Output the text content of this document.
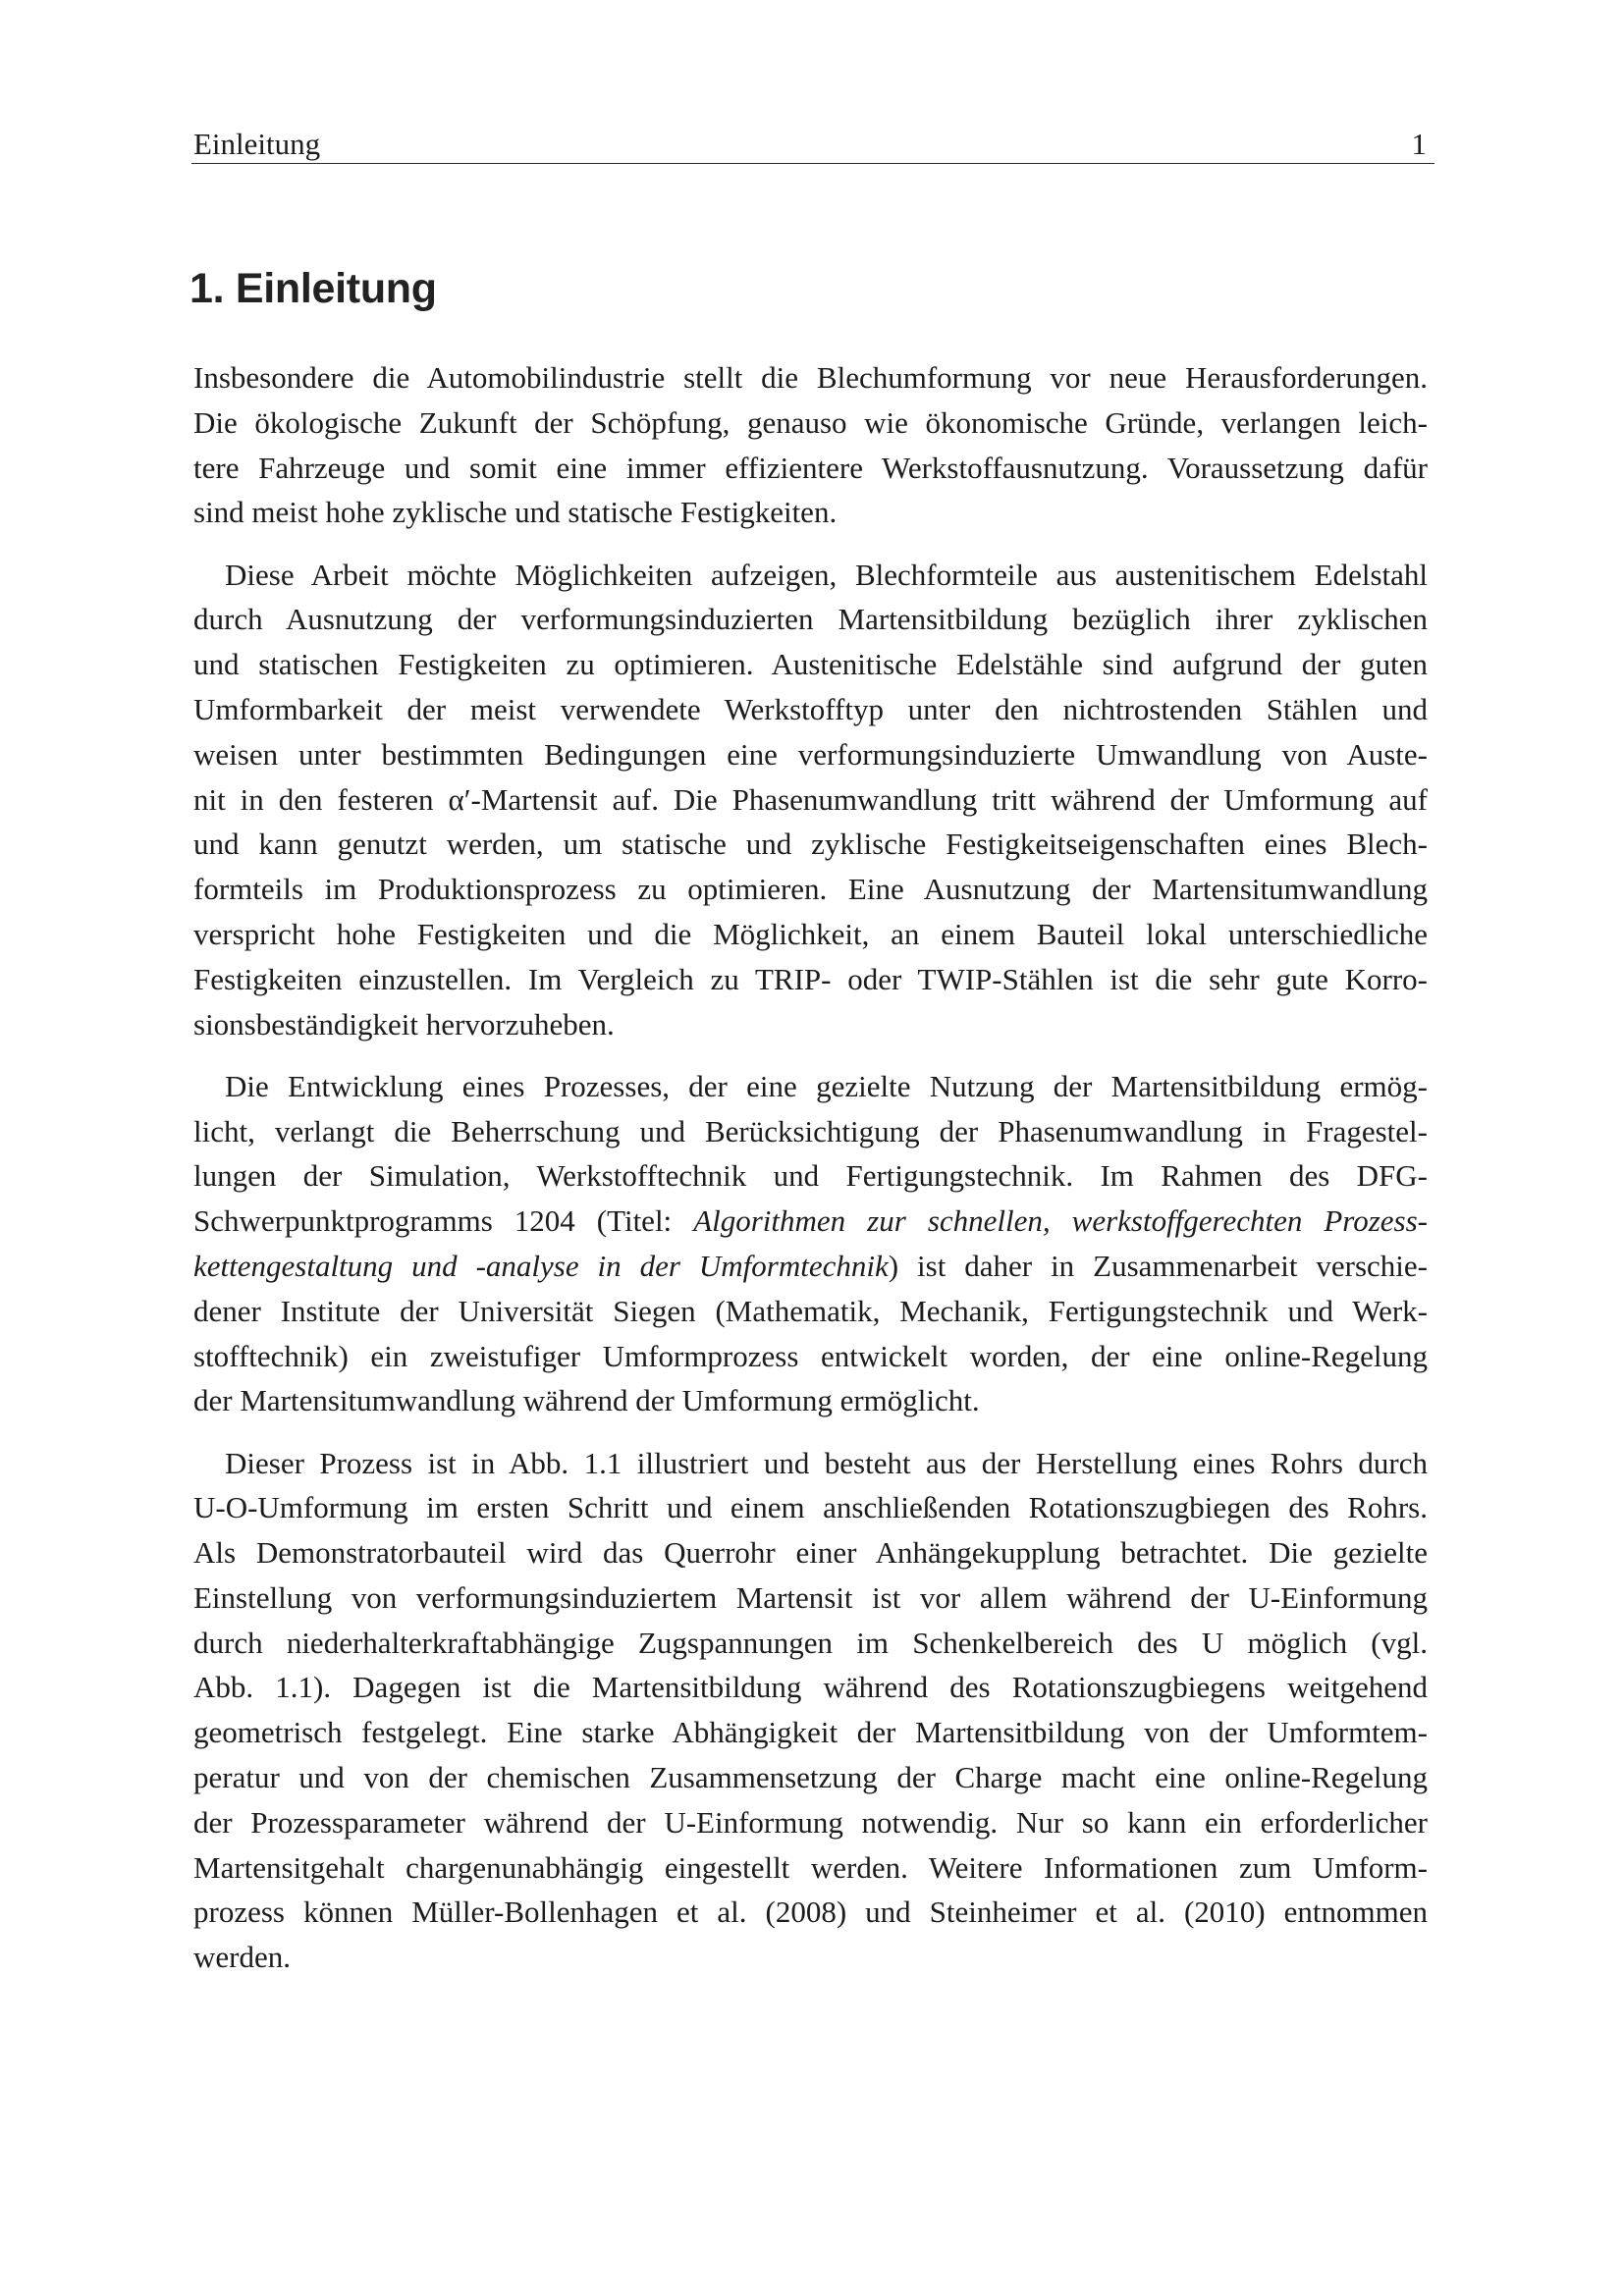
Einleitung	1
1. Einleitung

Insbesondere die Automobilindustrie stellt die Blechumformung vor neue Herausforderungen.
Die ökologische Zukunft der Schöpfung, genauso wie ökonomische Gründe, verlangen leich-
tere Fahrzeuge und somit eine immer effizientere Werkstoffausnutzung. Voraussetzung dafür
sind meist hohe zyklische und statische Festigkeiten.

Diese Arbeit möchte Möglichkeiten aufzeigen, Blechformteile aus austenitischem Edelstahl
durch Ausnutzung der verformungsinduzierten Martensitbildung bezüglich ihrer zyklischen
und statischen Festigkeiten zu optimieren. Austenitische Edelstähle sind aufgrund der guten
Umformbarkeit der meist verwendete Werkstofftyp unter den nichtrostenden Stählen und
weisen unter bestimmten Bedingungen eine verformungsinduzierte Umwandlung von Auste-
nit in den festeren α′-Martensit auf. Die Phasenumwandlung tritt während der Umformung auf
und kann genutzt werden, um statische und zyklische Festigkeitseigenschaften eines Blech-
formteils im Produktionsprozess zu optimieren. Eine Ausnutzung der Martensitumwandlung
verspricht hohe Festigkeiten und die Möglichkeit, an einem Bauteil lokal unterschiedliche
Festigkeiten einzustellen. Im Vergleich zu TRIP- oder TWIP-Stählen ist die sehr gute Korro-
sionsbeständigkeit hervorzuheben.

Die Entwicklung eines Prozesses, der eine gezielte Nutzung der Martensitbildung ermög-
licht, verlangt die Beherrschung und Berücksichtigung der Phasenumwandlung in Fragestel-
lungen der Simulation, Werkstofftechnik und Fertigungstechnik. Im Rahmen des DFG-
Schwerpunktprogramms 1204 (Titel: Algorithmen zur schnellen, werkstoffgerechten Prozess-
kettengestaltung und -analyse in der Umformtechnik) ist daher in Zusammenarbeit verschie-
dener Institute der Universität Siegen (Mathematik, Mechanik, Fertigungstechnik und Werk-
stofftechnik) ein zweistufiger Umformprozess entwickelt worden, der eine online-Regelung
der Martensitumwandlung während der Umformung ermöglicht.

Dieser Prozess ist in Abb. 1.1 illustriert und besteht aus der Herstellung eines Rohrs durch
U-O-Umformung im ersten Schritt und einem anschließenden Rotationszugbiegen des Rohrs.
Als Demonstratorbauteil wird das Querrohr einer Anhängekupplung betrachtet. Die gezielte
Einstellung von verformungsinduziertem Martensit ist vor allem während der U-Einformung
durch niederhalterkraftabhängige Zugspannungen im Schenkelbereich des U möglich (vgl.
Abb. 1.1). Dagegen ist die Martensitbildung während des Rotationszugbiegens weitgehend
geometrisch festgelegt. Eine starke Abhängigkeit der Martensitbildung von der Umformtem-
peratur und von der chemischen Zusammensetzung der Charge macht eine online-Regelung
der Prozessparameter während der U-Einformung notwendig. Nur so kann ein erforderlicher
Martensitgehalt chargenunabhängig eingestellt werden. Weitere Informationen zum Umform-
prozess können Müller-Bollenhagen et al. (2008) und Steinheimer et al. (2010) entnommen
werden.
